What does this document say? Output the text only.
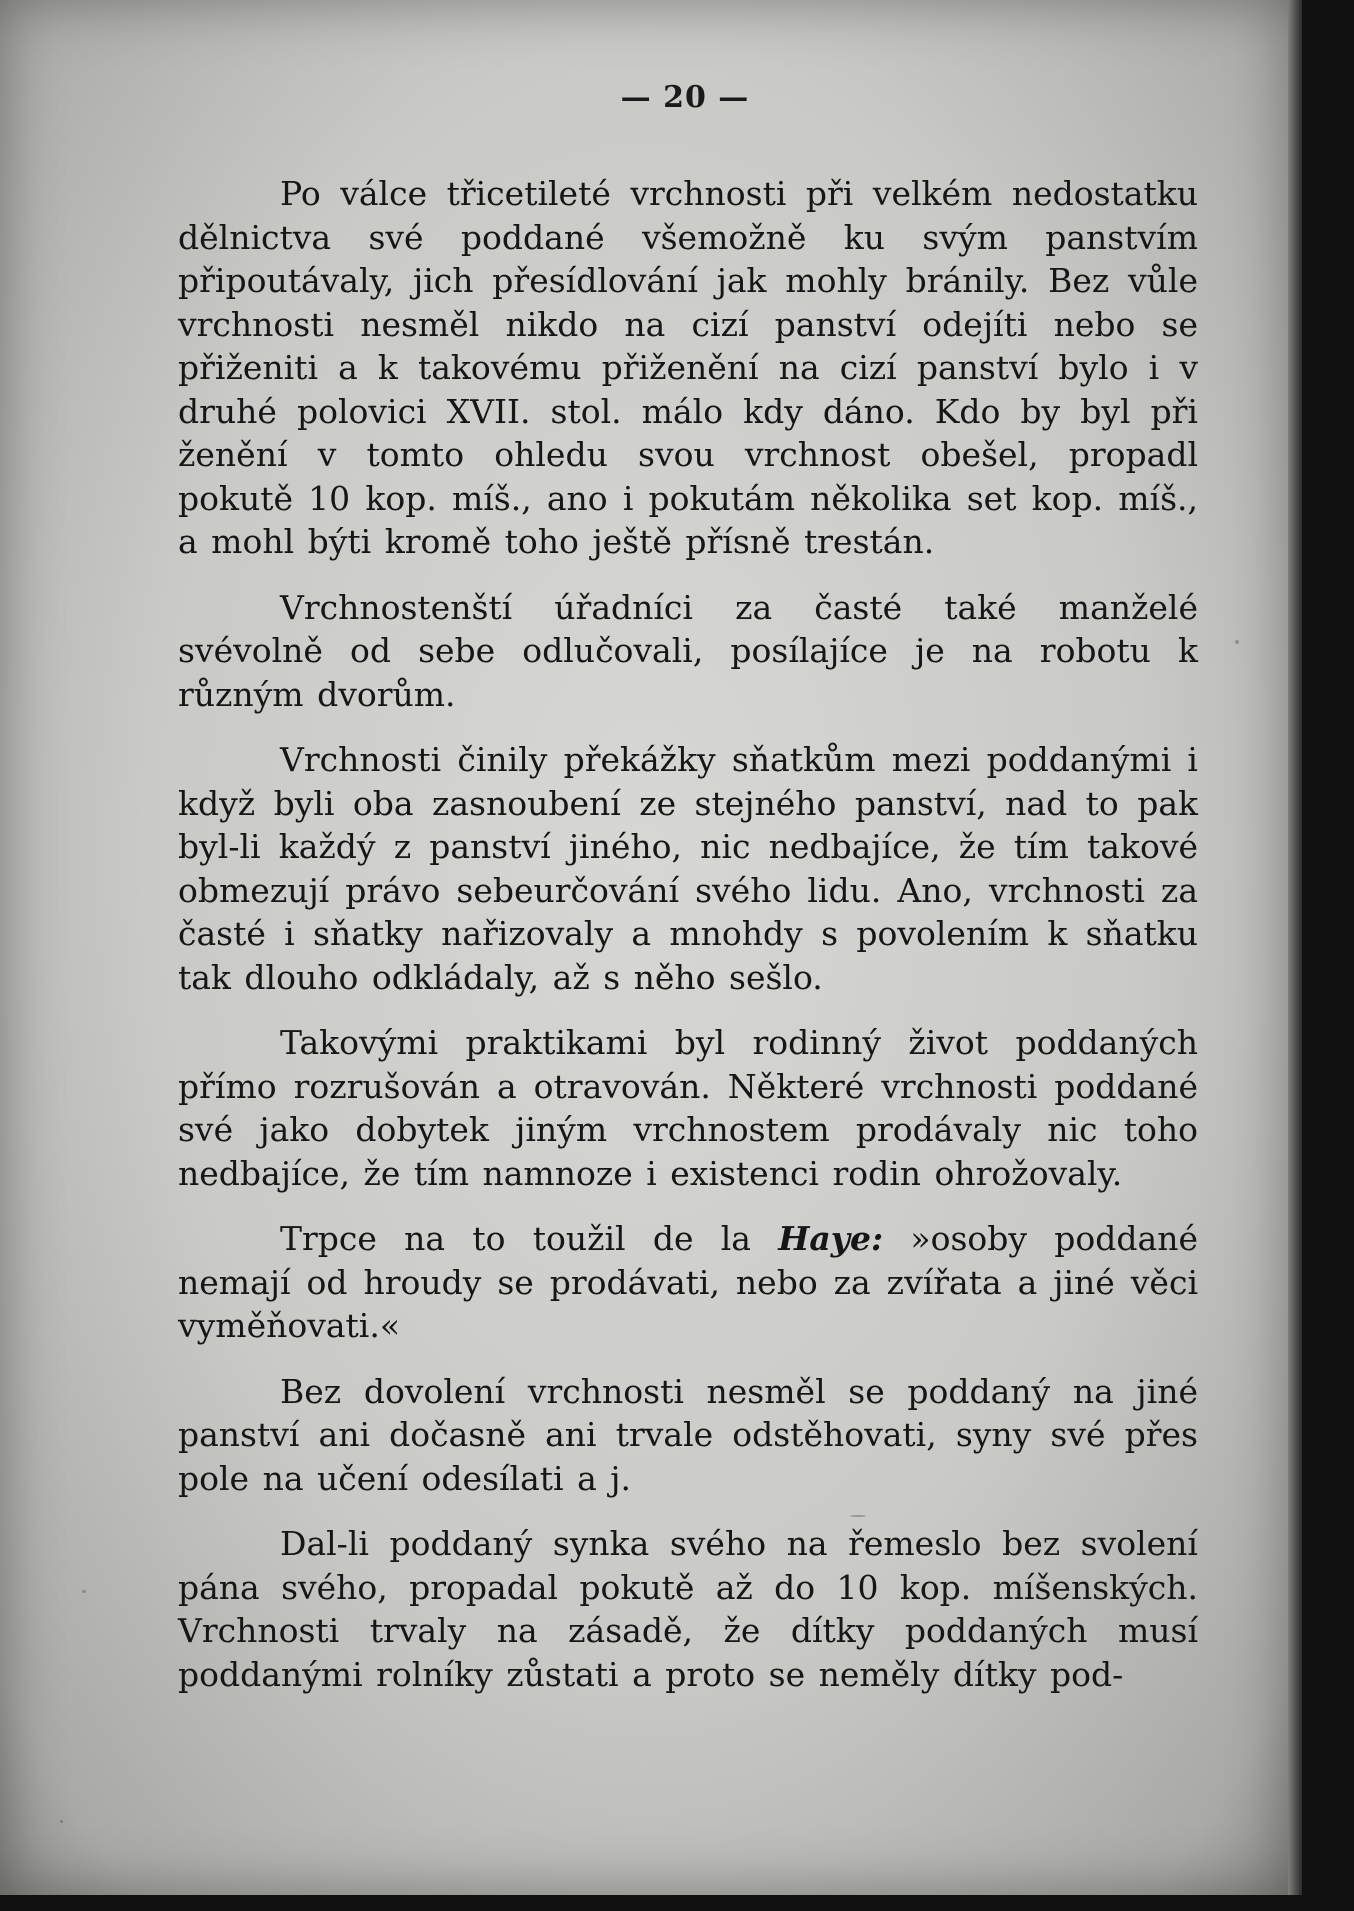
— 20 —

Po válce třicetileté vrchnosti při velkém nedostatku dělnictva své poddané všemožně ku svým panstvím připoutávaly, jich přesídlování jak mohly bránily. Bez vůle vrchnosti nesměl nikdo na cizí panství odejíti nebo se přiženiti a k takovému přiženění na cizí panství bylo i v druhé polovici XVII. stol. málo kdy dáno. Kdo by byl při ženění v tomto ohledu svou vrchnost obešel, propadl pokutě 10 kop. míš., ano i pokutám několika set kop. míš., a mohl býti kromě toho ještě přísně trestán.

Vrchnostenští úřadníci za časté také manželé svévolně od sebe odlučovali, posílajíce je na robotu k různým dvorům.

Vrchnosti činily překážky sňatkům mezi poddanými i když byli oba zasnoubení ze stejného panství, nad to pak byl-li každý z panství jiného, nic nedbajíce, že tím takové obmezují právo sebeurčování svého lidu. Ano, vrchnosti za časté i sňatky nařizovaly a mnohdy s povolením k sňatku tak dlouho odkládaly, až s něho sešlo.

Takovými praktikami byl rodinný život poddaných přímo rozrušován a otravován. Některé vrchnosti poddané své jako dobytek jiným vrchnostem prodávaly nic toho nedbajíce, že tím namnoze i existenci rodin ohrožovaly.

Trpce na to toužil de la Haye: »osoby poddané nemají od hroudy se prodávati, nebo za zvířata a jiné věci vyměňovati.«

Bez dovolení vrchnosti nesměl se poddaný na jiné panství ani dočasně ani trvale odstěhovati, syny své přes pole na učení odesílati a j.

Dal-li poddaný synka svého na řemeslo bez svolení pána svého, propadal pokutě až do 10 kop. míšenských. Vrchnosti trvaly na zásadě, že dítky poddaných musí poddanými rolníky zůstati a proto se neměly dítky pod-
